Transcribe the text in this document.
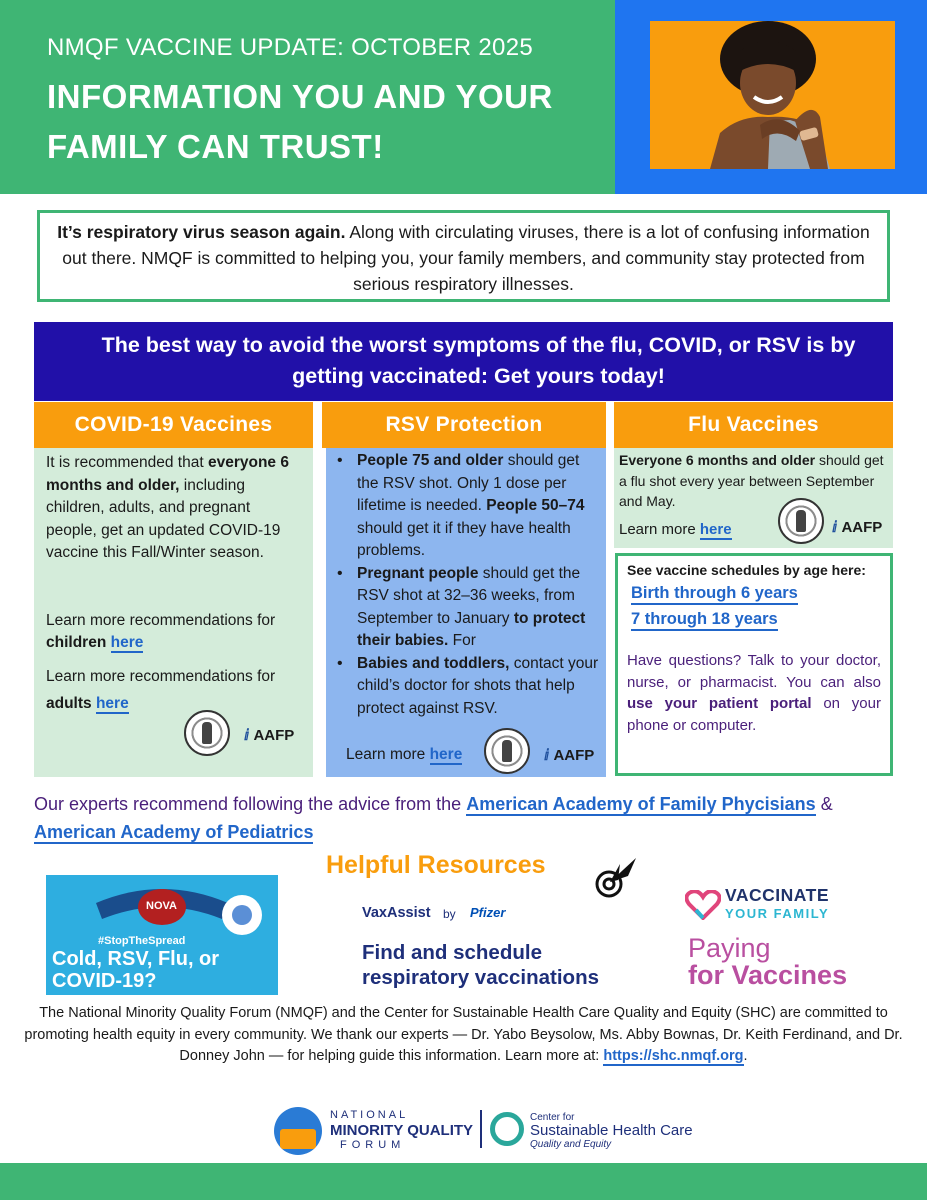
NMQF VACCINE UPDATE: OCTOBER 2025
INFORMATION YOU AND YOUR FAMILY CAN TRUST!
It’s respiratory virus season again. Along with circulating viruses, there is a lot of confusing information out there. NMQF is committed to helping you, your family members, and community stay protected from serious respiratory illnesses.
The best way to avoid the worst symptoms of the flu, COVID, or RSV is by getting vaccinated: Get yours today!
COVID-19 Vaccines

It is recommended that everyone 6 months and older, including children, adults, and pregnant people, get an updated COVID-19 vaccine this Fall/Winter season.

Learn more recommendations for children here

Learn more recommendations for adults here

ⅈ AAFP
RSV Protection
• People 75 and older should get the RSV shot. Only 1 dose per lifetime is needed. People 50–74 should get it if they have health problems.
• Pregnant people should get the RSV shot at 32–36 weeks, from September to January to protect their babies. For
• Babies and toddlers, contact your child’s doctor for shots that help protect against RSV.

Learn more here	ⅈ AAFP
Flu Vaccines

Everyone 6 months and older should get a flu shot every year between September and May.

Learn more here	ⅈ AAFP
See vaccine schedules by age here:
Birth through 6 years
7 through 18 years

Have questions? Talk to your doctor, nurse, or pharmacist. You can also use your patient portal on your phone or computer.

Our experts recommend following the advice from the American Academy of Family Phycisians & American Academy of Pediatrics
Helpful Resources
NOVA
#StopTheSpread
Cold, RSV, Flu, or COVID-19?
VaxAssist by Pfizer
Find and schedule respiratory vaccinations
VACCINATE
YOUR FAMILY
Paying
for Vaccines
The National Minority Quality Forum (NMQF) and the Center for Sustainable Health Care Quality and Equity (SHC) are committed to promoting health equity in every community. We thank our experts — Dr. Yabo Beysolow, Ms. Abby Bownas, Dr. Keith Ferdinand, and Dr. Donney John — for helping guide this information. Learn more at: https://shc.nmqf.org.
NATIONAL
MINORITY QUALITY
FORUM
Center for
Sustainable Health Care
Quality and Equity
